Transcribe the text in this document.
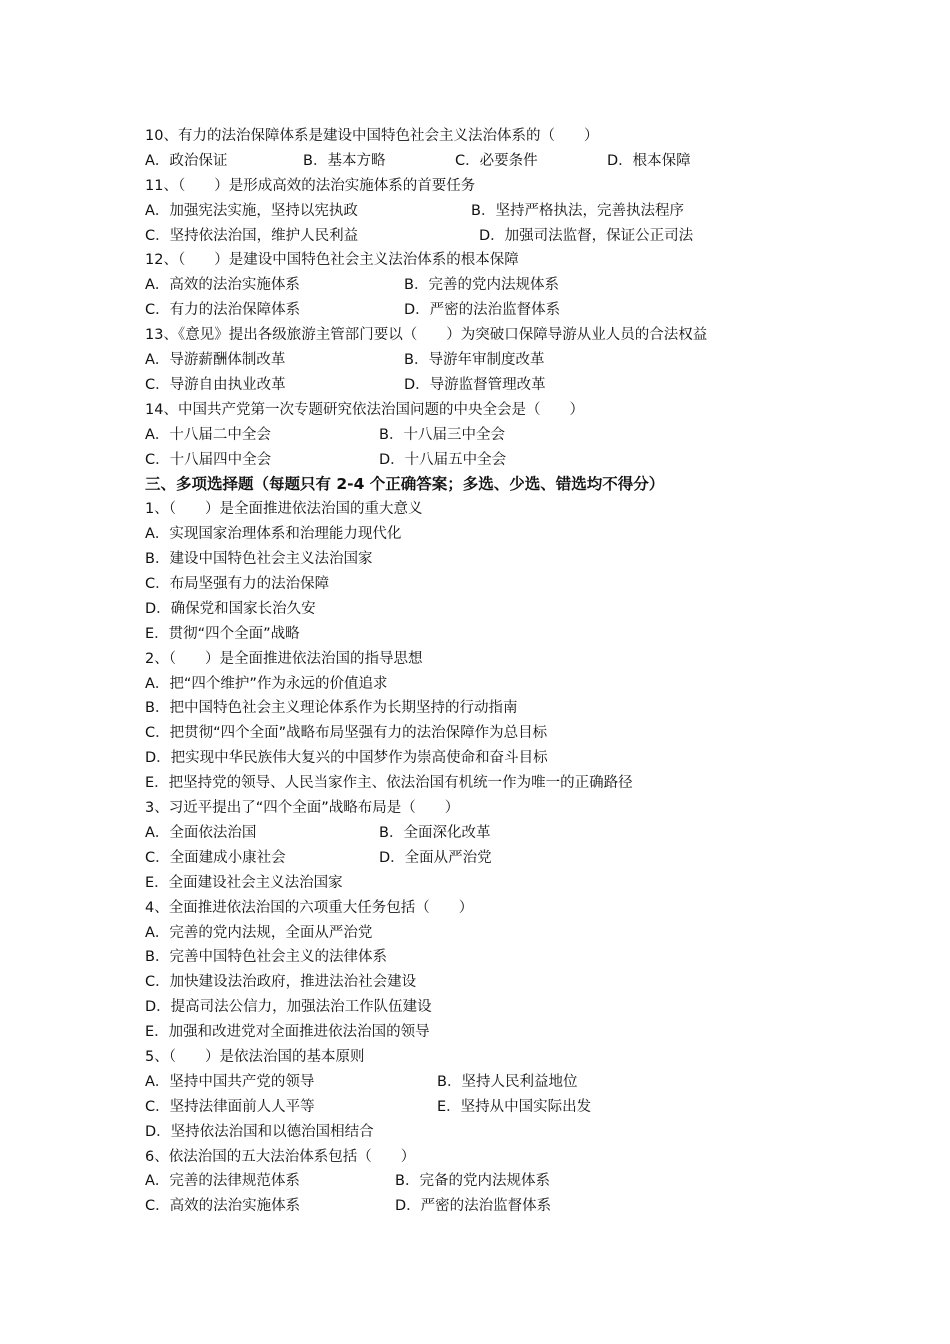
10、有力的法治保障体系是建设中国特色社会主义法治体系的（　　）
A．政治保证	B．基本方略	C．必要条件	D．根本保障
11、（　　）是形成高效的法治实施体系的首要任务
A．加强宪法实施，坚持以宪执政	B．坚持严格执法，完善执法程序
C．坚持依法治国，维护人民利益	D．加强司法监督，保证公正司法
12、（　　）是建设中国特色社会主义法治体系的根本保障
A．高效的法治实施体系	B．完善的党内法规体系
C．有力的法治保障体系	D．严密的法治监督体系
13、《意见》提出各级旅游主管部门要以（　　）为突破口保障导游从业人员的合法权益
A．导游薪酬体制改革	B．导游年审制度改革
C．导游自由执业改革	D．导游监督管理改革
14、中国共产党第一次专题研究依法治国问题的中央全会是（　　）
A．十八届二中全会	B．十八届三中全会
C．十八届四中全会	D．十八届五中全会
三、多项选择题（每题只有 2-4 个正确答案；多选、少选、错选均不得分）
1、（　　）是全面推进依法治国的重大意义
A．实现国家治理体系和治理能力现代化
B．建设中国特色社会主义法治国家
C．布局坚强有力的法治保障
D．确保党和国家长治久安
E．贯彻“四个全面”战略
2、（　　）是全面推进依法治国的指导思想
A．把“四个维护”作为永远的价值追求
B．把中国特色社会主义理论体系作为长期坚持的行动指南
C．把贯彻“四个全面”战略布局坚强有力的法治保障作为总目标
D．把实现中华民族伟大复兴的中国梦作为崇高使命和奋斗目标
E．把坚持党的领导、人民当家作主、依法治国有机统一作为唯一的正确路径
3、习近平提出了“四个全面”战略布局是（　　）
A．全面依法治国	B．全面深化改革
C．全面建成小康社会	D．全面从严治党
E．全面建设社会主义法治国家
4、全面推进依法治国的六项重大任务包括（　　）
A．完善的党内法规，全面从严治党
B．完善中国特色社会主义的法律体系
C．加快建设法治政府，推进法治社会建设
D．提高司法公信力，加强法治工作队伍建设
E．加强和改进党对全面推进依法治国的领导
5、（　　）是依法治国的基本原则
A．坚持中国共产党的领导	B．坚持人民利益地位
C．坚持法律面前人人平等	E．坚持从中国实际出发
D．坚持依法治国和以德治国相结合
6、依法治国的五大法治体系包括（　　）
A．完善的法律规范体系	B．完备的党内法规体系
C．高效的法治实施体系	D．严密的法治监督体系
